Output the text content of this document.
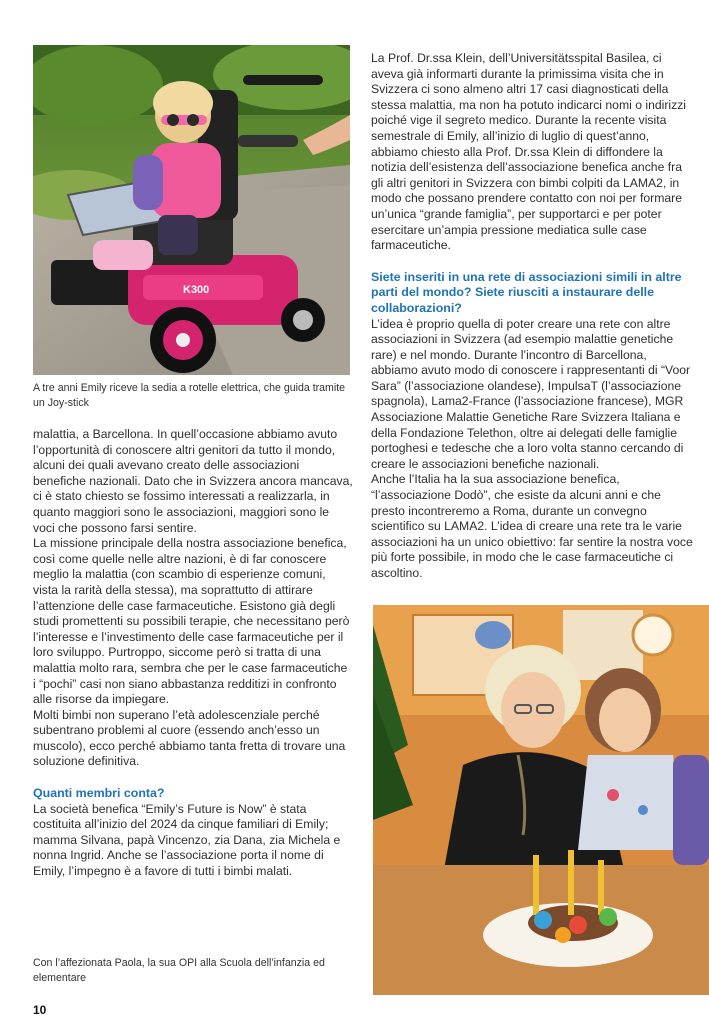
K300
A tre anni Emily riceve la sedia a rotelle elettrica, che guida tramite un Joy-stick

malattia, a Barcellona. In quell’occasione abbiamo avuto l’opportunità di conoscere altri genitori da tutto il mondo, alcuni dei quali avevano creato delle associazioni benefiche nazionali. Dato che in Svizzera ancora mancava, ci è stato chiesto se fossimo interessati a realizzarla, in quanto maggiori sono le associazioni, maggiori sono le voci che possono farsi sentire.

La missione principale della nostra associazione benefica, così come quelle nelle altre nazioni, è di far conoscere meglio la malattia (con scambio di esperienze comuni, vista la rarità della stessa), ma soprattutto di attirare l’attenzione delle case farmaceutiche. Esistono già degli studi promettenti su possibili terapie, che necessitano però l’interesse e l’investimento delle case farmaceutiche per il loro sviluppo. Purtroppo, siccome però si tratta di una malattia molto rara, sembra che per le case farmaceutiche i “pochi” casi non siano abbastanza redditizi in confronto alle risorse da impiegare.

Molti bimbi non superano l’età adolescenziale perché subentrano problemi al cuore (essendo anch’esso un muscolo), ecco perché abbiamo tanta fretta di trovare una soluzione definitiva.

Quanti membri conta?

La società benefica “Emily’s Future is Now” è stata costituita all’inizio del 2024 da cinque familiari di Emily; mamma Silvana, papà Vincenzo, zia Dana, zia Michela e nonna Ingrid. Anche se l’associazione porta il nome di Emily, l’impegno è a favore di tutti i bimbi malati.

Con l’affezionata Paola, la sua OPI alla Scuola dell’infanzia ed elementare

La Prof. Dr.ssa Klein, dell’Universitätsspital Basilea, ci aveva già informarti durante la primissima visita che in Svizzera ci sono almeno altri 17 casi diagnosticati della stessa malattia, ma non ha potuto indicarci nomi o indirizzi poiché vige il segreto medico. Durante la recente visita semestrale di Emily, all’inizio di luglio di quest’anno, abbiamo chiesto alla Prof. Dr.ssa Klein di diffondere la notizia dell’esistenza dell’associazione benefica anche fra gli altri genitori in Svizzera con bimbi colpiti da LAMA2, in modo che possano prendere contatto con noi per formare un’unica “grande famiglia”, per supportarci e per poter esercitare un’ampia pressione mediatica sulle case farmaceutiche.

Siete inseriti in una rete di associazioni simili in altre parti del mondo? Siete riusciti a instaurare delle collaborazioni?

L’idea è proprio quella di poter creare una rete con altre associazioni in Svizzera (ad esempio malattie genetiche rare) e nel mondo. Durante l’incontro di Barcellona, abbiamo avuto modo di conoscere i rappresentanti di “Voor Sara” (l’associazione olandese), ImpulsaT (l’associazione spagnola), Lama2-France (l’associazione francese), MGR Associazione Malattie Genetiche Rare Svizzera Italiana e della Fondazione Telethon, oltre ai delegati delle famiglie portoghesi e tedesche che a loro volta stanno cercando di creare le associazioni benefiche nazionali.

Anche l’Italia ha la sua associazione benefica, “l’associazione Dodò”, che esiste da alcuni anni e che presto incontreremo a Roma, durante un convegno scientifico su LAMA2. L’idea di creare una rete tra le varie associazioni ha un unico obiettivo: far sentire la nostra voce più forte possibile, in modo che le case farmaceutiche ci ascoltino.

10
